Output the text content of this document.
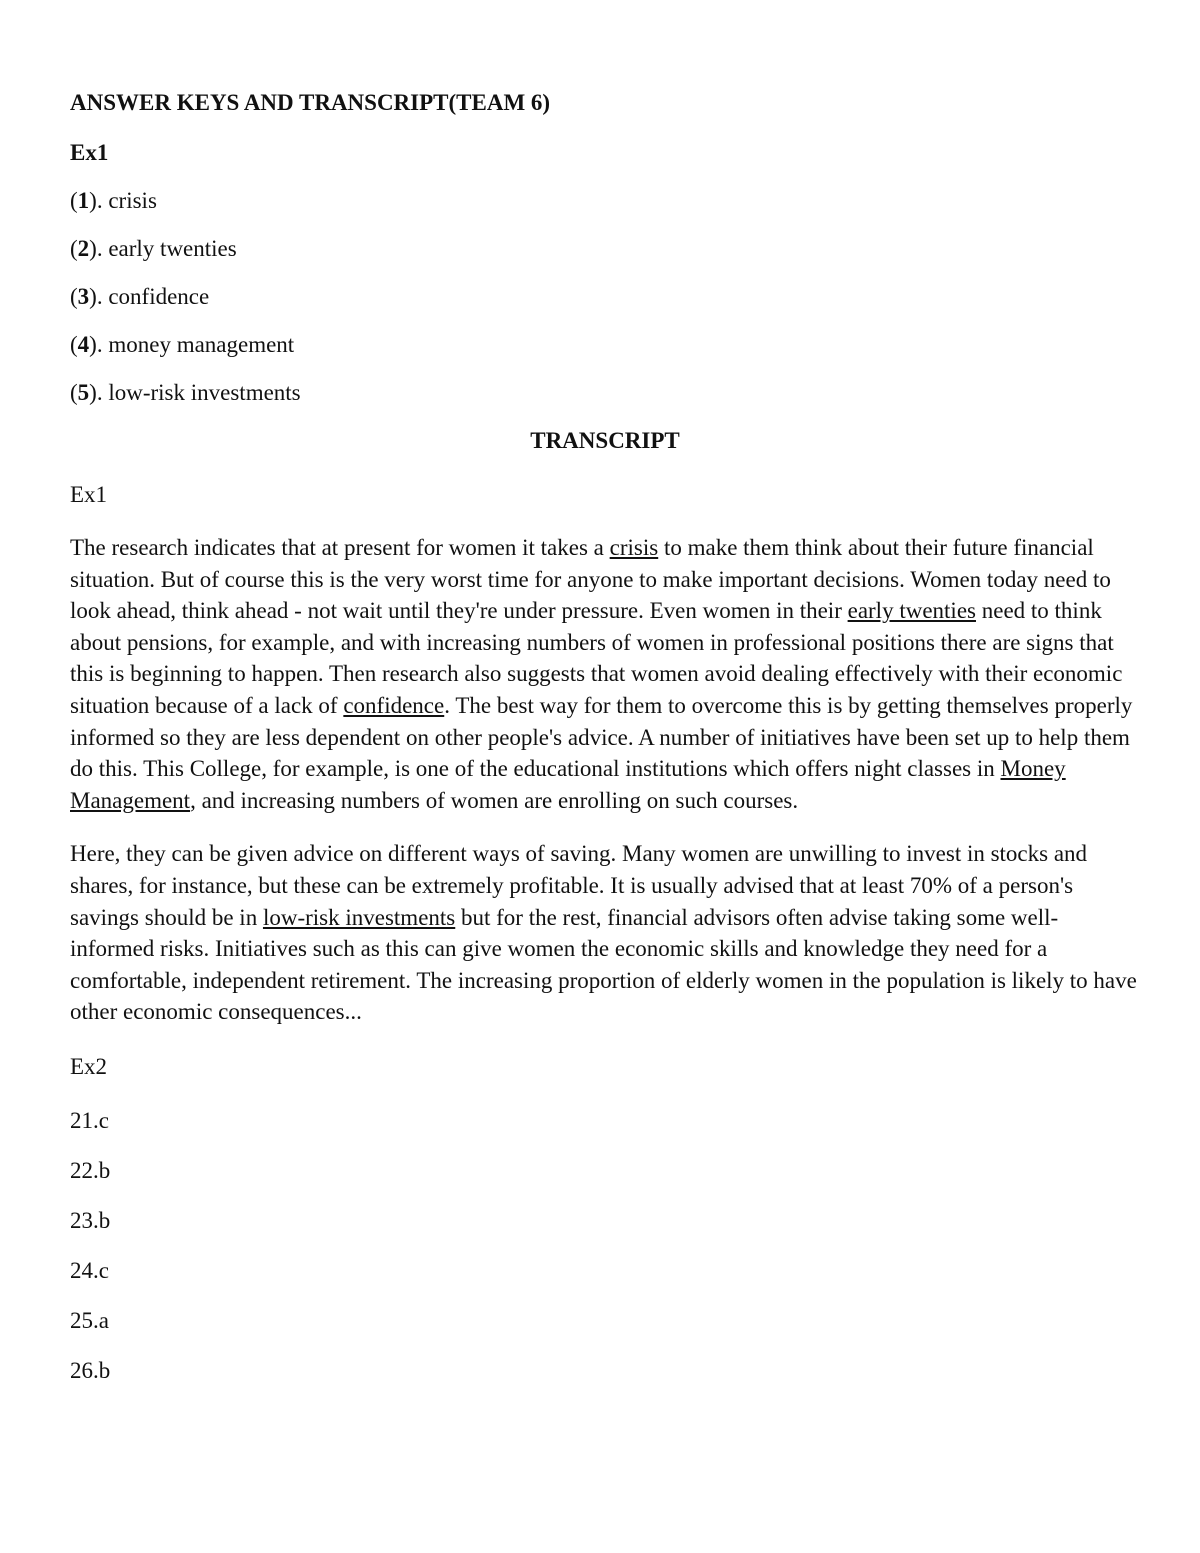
ANSWER KEYS AND TRANSCRIPT(TEAM 6)
Ex1
(1). crisis
(2). early twenties
(3). confidence
(4). money management
(5). low-risk investments
TRANSCRIPT
Ex1

The research indicates that at present for women it takes a crisis to make them think about their future financial situation. But of course this is the very worst time for anyone to make important decisions. Women today need to look ahead, think ahead - not wait until they're under pressure. Even women in their early twenties need to think about pensions, for example, and with increasing numbers of women in professional positions there are signs that this is beginning to happen. Then research also suggests that women avoid dealing effectively with their economic situation because of a lack of confidence. The best way for them to overcome this is by getting themselves properly informed so they are less dependent on other people's advice. A number of initiatives have been set up to help them do this. This College, for example, is one of the educational institutions which offers night classes in Money Management, and increasing numbers of women are enrolling on such courses.

Here, they can be given advice on different ways of saving. Many women are unwilling to invest in stocks and shares, for instance, but these can be extremely profitable. It is usually advised that at least 70% of a person's savings should be in low-risk investments but for the rest, financial advisors often advise taking some well-informed risks. Initiatives such as this can give women the economic skills and knowledge they need for a comfortable, independent retirement. The increasing proportion of elderly women in the population is likely to have other economic consequences...

Ex2
21.c
22.b
23.b
24.c
25.a
26.b
